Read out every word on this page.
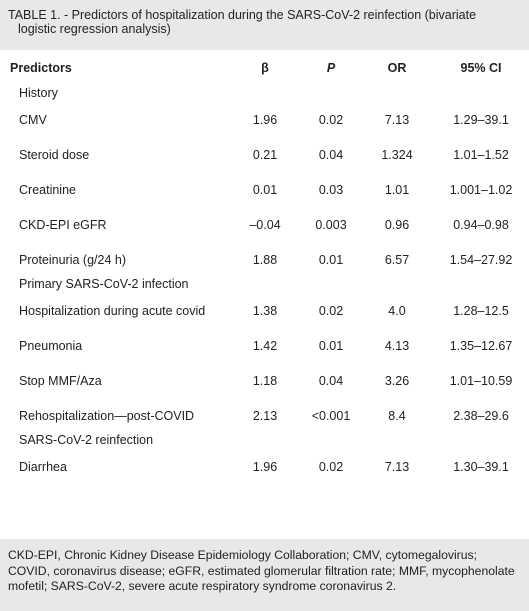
TABLE 1. - Predictors of hospitalization during the SARS-CoV-2 reinfection (bivariate
logistic regression analysis)
Predictors	β	P	OR	95% CI
History				
CMV	1.96	0.02	7.13	1.29–39.1
Steroid dose	0.21	0.04	1.324	1.01–1.52
Creatinine	0.01	0.03	1.01	1.001–1.02
CKD-EPI eGFR	–0.04	0.003	0.96	0.94–0.98
Proteinuria (g/24 h)	1.88	0.01	6.57	1.54–27.92
Primary SARS-CoV-2 infection				
Hospitalization during acute covid	1.38	0.02	4.0	1.28–12.5
Pneumonia	1.42	0.01	4.13	1.35–12.67
Stop MMF/Aza	1.18	0.04	3.26	1.01–10.59
Rehospitalization—post-COVID	2.13	<0.001	8.4	2.38–29.6
SARS-CoV-2 reinfection				
Diarrhea	1.96	0.02	7.13	1.30–39.1
CKD-EPI, Chronic Kidney Disease Epidemiology Collaboration; CMV, cytomegalovirus; COVID, coronavirus disease; eGFR, estimated glomerular filtration rate; MMF, mycophenolate mofetil; SARS-CoV-2, severe acute respiratory syndrome coronavirus 2.
